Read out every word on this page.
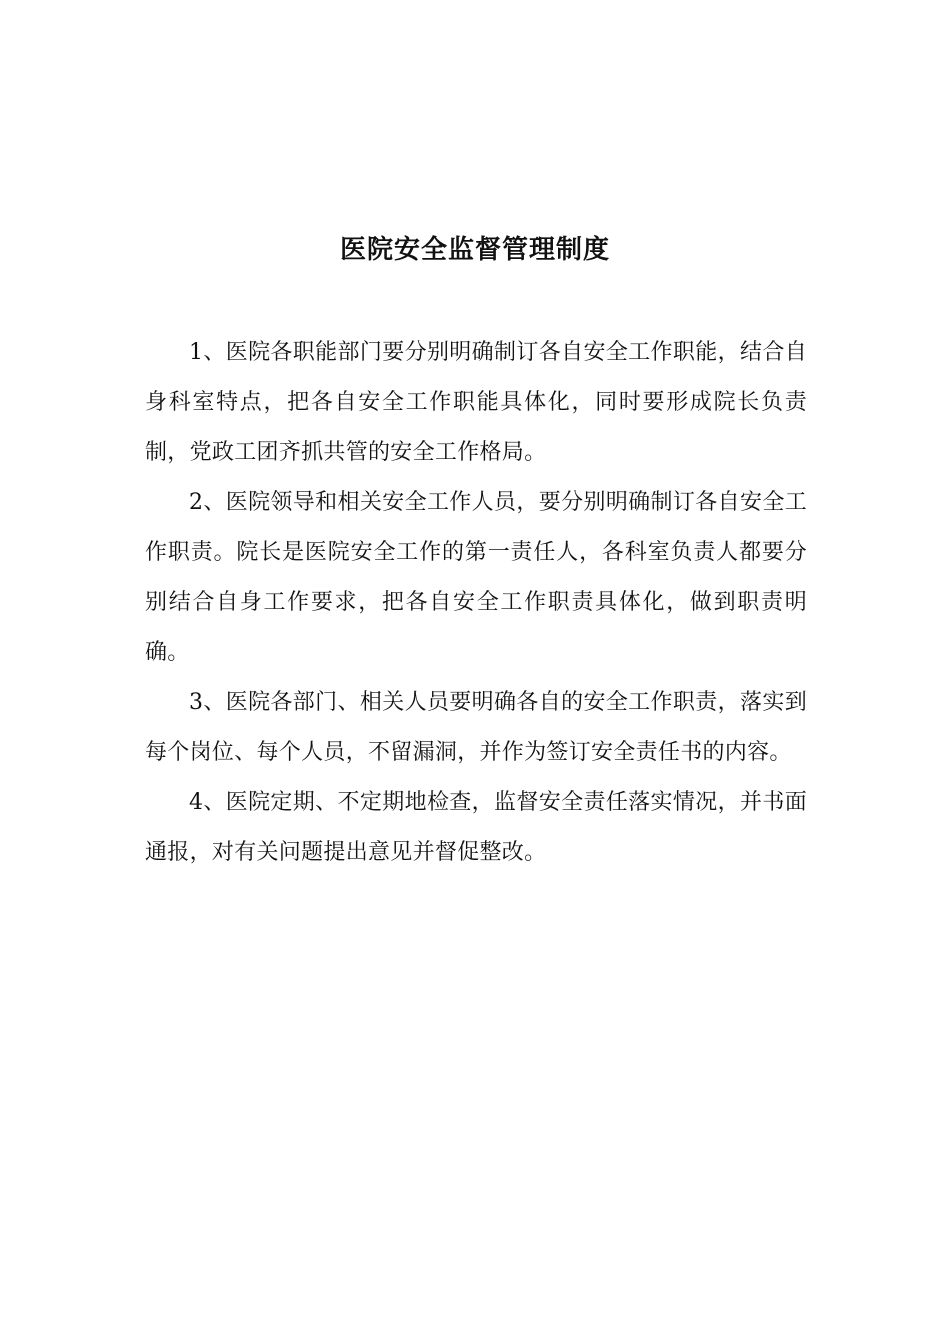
医院安全监督管理制度

1、医院各职能部门要分别明确制订各自安全工作职能，结合自身科室特点，把各自安全工作职能具体化，同时要形成院长负责制，党政工团齐抓共管的安全工作格局。

2、医院领导和相关安全工作人员，要分别明确制订各自安全工作职责。院长是医院安全工作的第一责任人，各科室负责人都要分别结合自身工作要求，把各自安全工作职责具体化，做到职责明确。

3、医院各部门、相关人员要明确各自的安全工作职责，落实到每个岗位、每个人员，不留漏洞，并作为签订安全责任书的内容。

4、医院定期、不定期地检查，监督安全责任落实情况，并书面通报，对有关问题提出意见并督促整改。
